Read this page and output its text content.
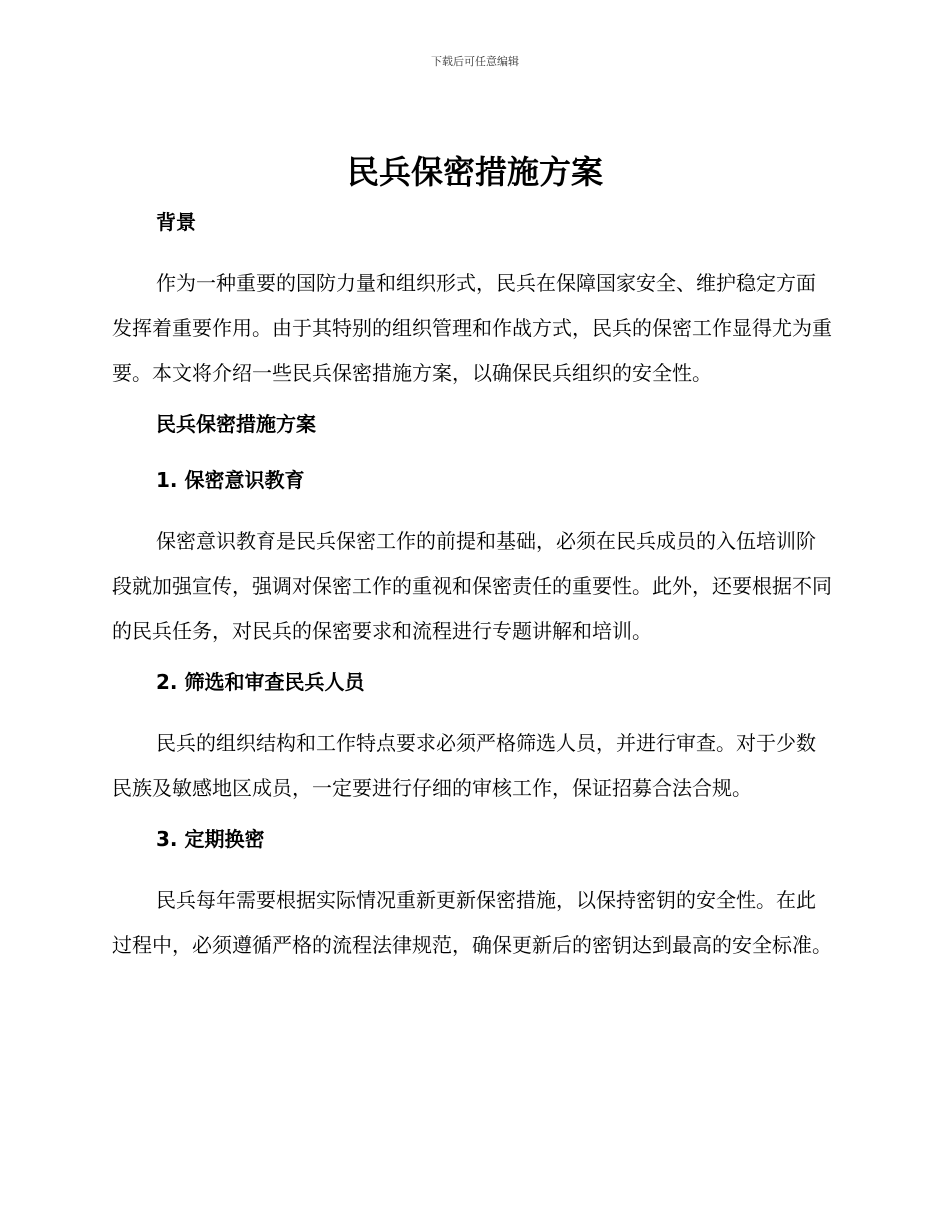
下载后可任意编辑
民兵保密措施方案
背景

作为一种重要的国防力量和组织形式，民兵在保障国家安全、维护稳定方面发挥着重要作用。由于其特别的组织管理和作战方式，民兵的保密工作显得尤为重要。本文将介绍一些民兵保密措施方案，以确保民兵组织的安全性。

民兵保密措施方案
1. 保密意识教育

保密意识教育是民兵保密工作的前提和基础，必须在民兵成员的入伍培训阶段就加强宣传，强调对保密工作的重视和保密责任的重要性。此外，还要根据不同的民兵任务，对民兵的保密要求和流程进行专题讲解和培训。

2. 筛选和审查民兵人员

民兵的组织结构和工作特点要求必须严格筛选人员，并进行审查。对于少数民族及敏感地区成员，一定要进行仔细的审核工作，保证招募合法合规。

3. 定期换密

民兵每年需要根据实际情况重新更新保密措施，以保持密钥的安全性。在此过程中，必须遵循严格的流程法律规范，确保更新后的密钥达到最高的安全标准。
